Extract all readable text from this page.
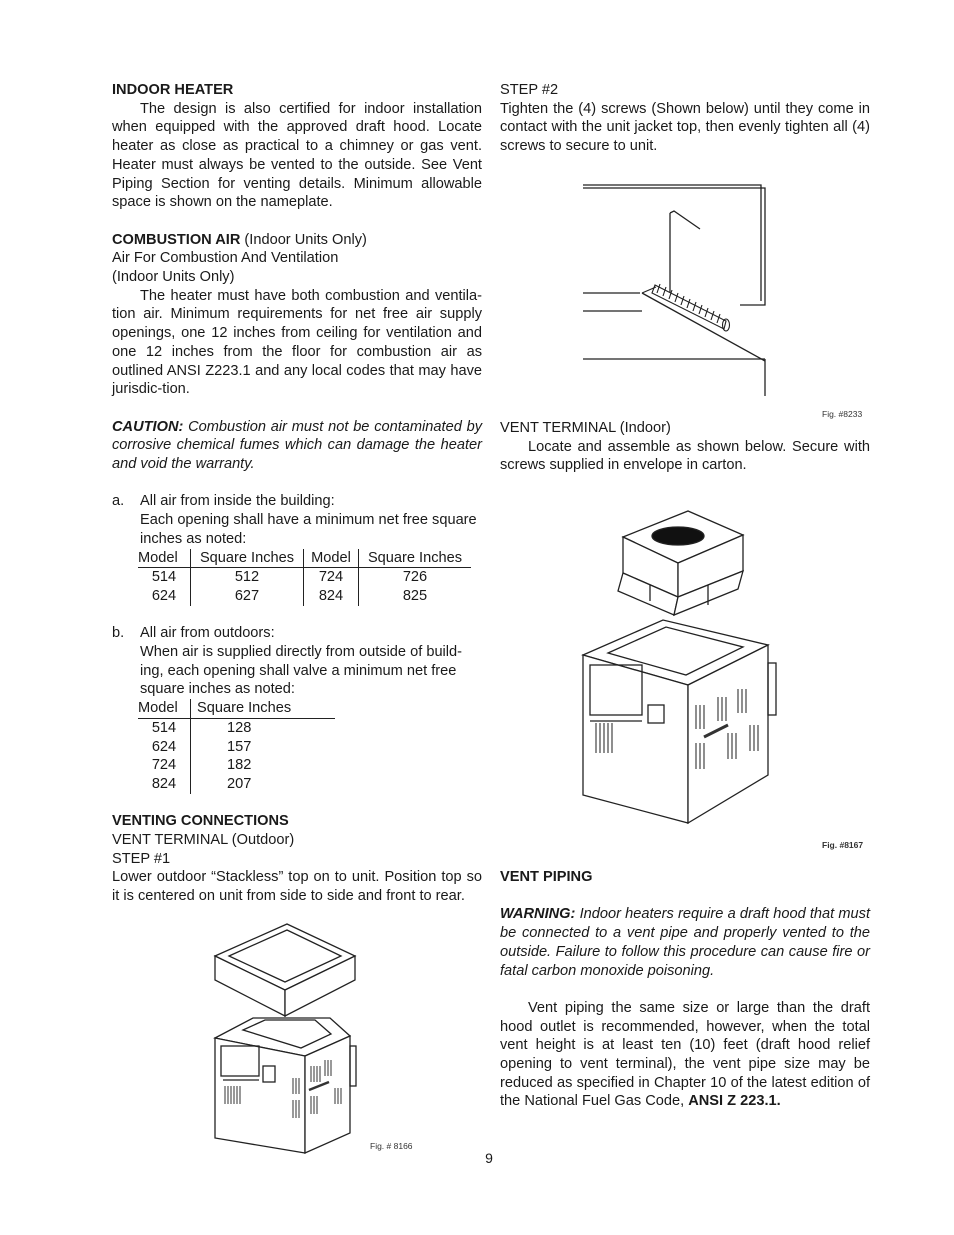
INDOOR HEATER

The design is also certified for indoor installation when equipped with the approved draft hood. Locate heater as close as practical to a chimney or gas vent. Heater must always be vented to the outside. See Vent Piping Section for venting details. Minimum allowable space is shown on the nameplate.

COMBUSTION AIR (Indoor Units Only)

Air For Combustion And Ventilation

(Indoor Units Only)

The heater must have both combustion and ventila-tion air. Minimum requirements for net free air supply openings, one 12 inches from ceiling for ventilation and one 12 inches from the floor for combustion air as outlined ANSI Z223.1 and any local codes that may have jurisdic-tion.

CAUTION: Combustion air must not be contaminated by corrosive chemical fumes which can damage the heater and void the warranty.

a.	All air from inside the building:

Each opening shall have a minimum net free square inches as noted:

Model	Square Inches	Model	Square Inches
514	512	724	726
624	627	824	825
b.	All air from outdoors:

When air is supplied directly from outside of build-ing, each opening shall valve a minimum net free square inches as noted:

Model	Square Inches
514	128
624	157
724	182
824	207

VENTING CONNECTIONS

VENT TERMINAL (Outdoor)

STEP #1

Lower outdoor “Stackless” top on to unit. Position top so it is centered on unit from side to side and front to rear.

Fig. # 8166

STEP #2

Tighten the (4) screws (Shown below) until they come in contact with the unit jacket top, then evenly tighten all (4) screws to secure to unit.

Fig. #8233

VENT TERMINAL (Indoor)

Locate and assemble as shown below. Secure with screws supplied in envelope in carton.

Fig. #8167

VENT PIPING

WARNING: Indoor heaters require a draft hood that must be connected to a vent pipe and properly vented to the outside. Failure to follow this procedure can cause fire or fatal carbon monoxide poisoning.

Vent piping the same size or large than the draft hood outlet is recommended, however, when the total vent height is at least ten (10) feet (draft hood relief opening to vent terminal), the vent pipe size may be reduced as specified in Chapter 10 of the latest edition of the National Fuel Gas Code, ANSI Z 223.1.

9
